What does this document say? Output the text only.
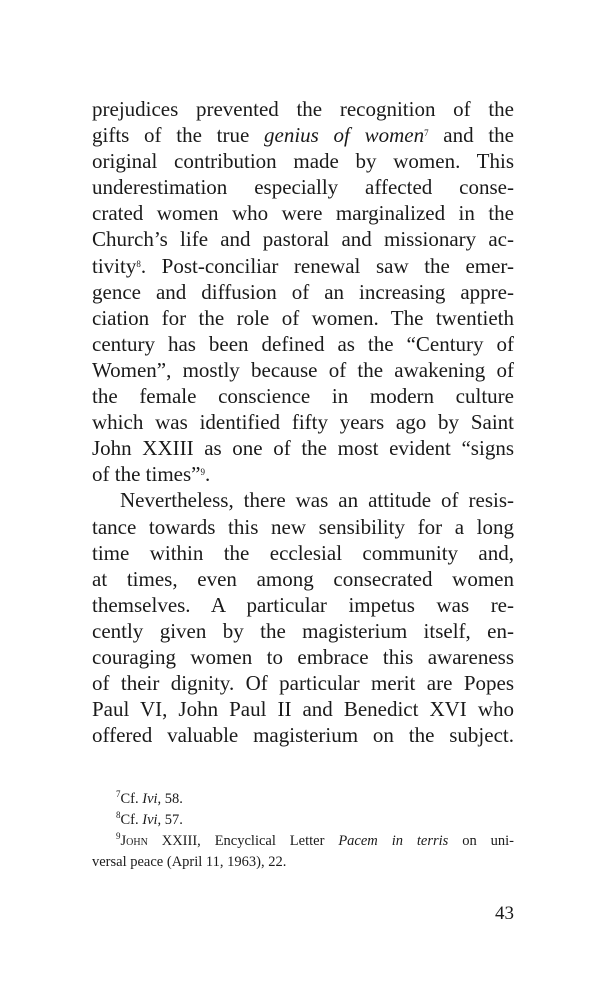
prejudices prevented the recognition of the
gifts of the true genius of women$^7$ and the
original contribution made by women. This
underestimation especially affected conse-
crated women who were marginalized in the
Church’s life and pastoral and missionary ac-
tivity$^8$. Post-conciliar renewal saw the emer-
gence and diffusion of an increasing appre-
ciation for the role of women. The twentieth
century has been defined as the “Century of
Women”, mostly because of the awakening of
the female conscience in modern culture
which was identified fifty years ago by Saint
John XXIII as one of the most evident “signs
of the times”$^9$.
Nevertheless, there was an attitude of resis-
tance towards this new sensibility for a long
time within the ecclesial community and,
at times, even among consecrated women
themselves. A particular impetus was re-
cently given by the magisterium itself, en-
couraging women to embrace this awareness
of their dignity. Of particular merit are Popes
Paul VI, John Paul II and Benedict XVI who
offered valuable magisterium on the subject.
$^7$Cf. Ivi, 58.
$^8$Cf. Ivi, 57.
$^9$John XXIII, Encyclical Letter Pacem in terris on uni-
versal peace (April 11, 1963), 22.
43
